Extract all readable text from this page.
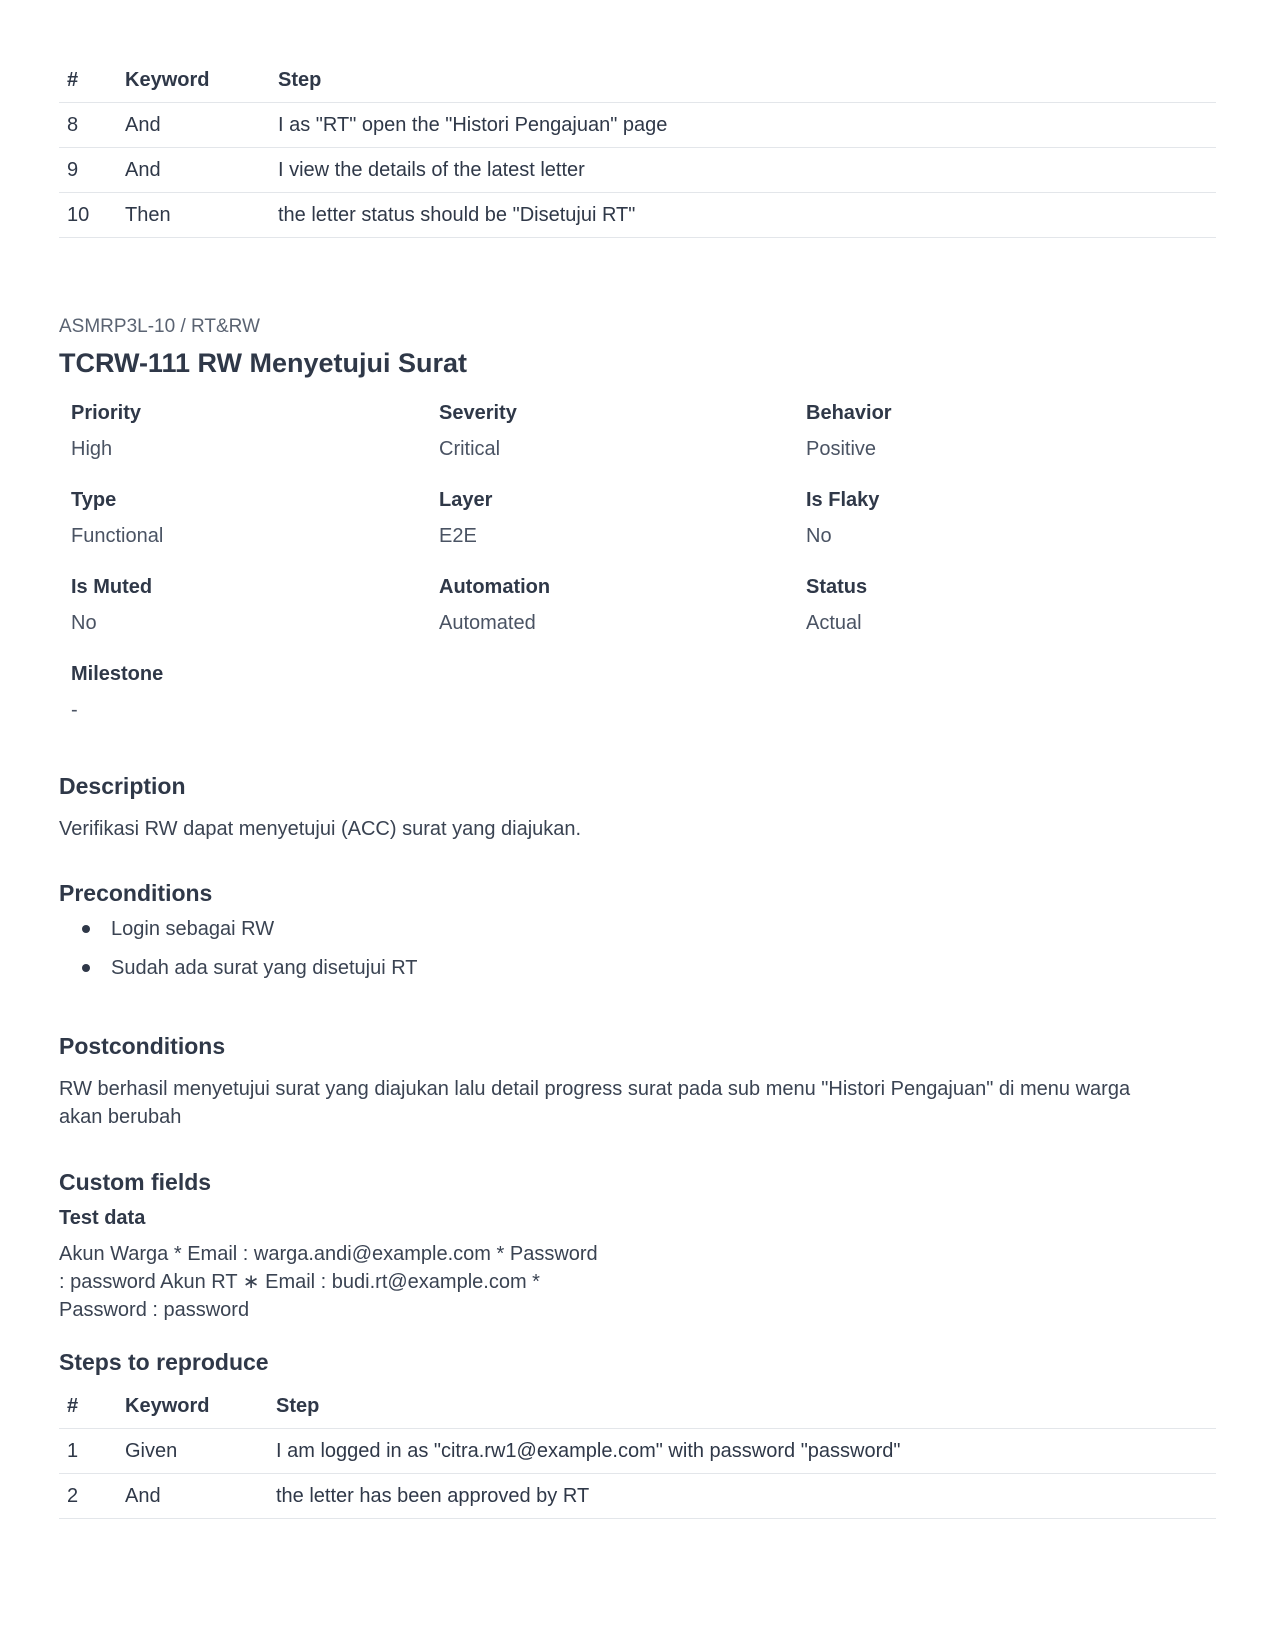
#	Keyword	Step
8	And	I as "RT" open the "Histori Pengajuan" page
9	And	I view the details of the latest letter
10	Then	the letter status should be "Disetujui RT"
ASMRP3L-10 / RT&RW
TCRW-111 RW Menyetujui Surat
Priority
High
Severity
Critical
Behavior
Positive
Type
Functional
Layer
E2E
Is Flaky
No
Is Muted
No
Automation
Automated
Status
Actual
Milestone
-
Description
Verifikasi RW dapat menyetujui (ACC) surat yang diajukan.
Preconditions
Login sebagai RW
Sudah ada surat yang disetujui RT
Postconditions
RW berhasil menyetujui surat yang diajukan lalu detail progress surat pada sub menu "Histori Pengajuan" di menu warga
akan berubah
Custom fields
Test data
Akun Warga * Email : warga.andi@example.com * Password
: password Akun RT ∗ Email : budi.rt@example.com *
Password : password
Steps to reproduce
#	Keyword	Step
1	Given	I am logged in as "citra.rw1@example.com" with password "password"
2	And	the letter has been approved by RT
